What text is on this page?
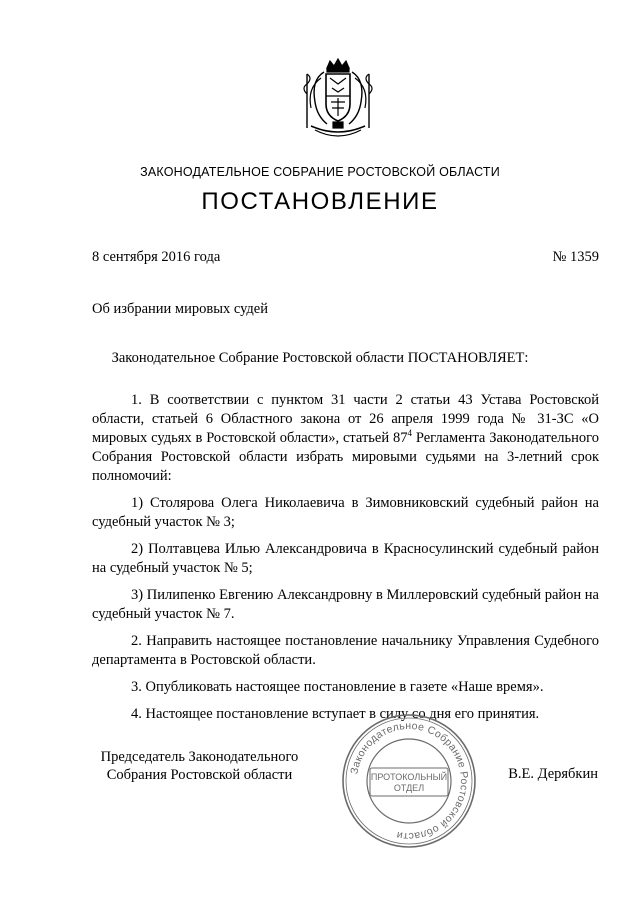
ЗАКОНОДАТЕЛЬНОЕ СОБРАНИЕ РОСТОВСКОЙ ОБЛАСТИ
ПОСТАНОВЛЕНИЕ
8 сентября 2016 года	№ 1359
Об избрании мировых судей
Законодательное Собрание Ростовской области ПОСТАНОВЛЯЕТ:

1. В соответствии с пунктом 31 части 2 статьи 43 Устава Ростовской области, статьей 6 Областного закона от 26 апреля 1999 года № 31-ЗС «О мировых судьях в Ростовской области», статьей $87^4$ Регламента Законодательного Собрания Ростовской области избрать мировыми судьями на 3-летний срок полномочий:

1) Столярова Олега Николаевича в Зимовниковский судебный район на судебный участок № 3;

2) Полтавцева Илью Александровича в Красносулинский судебный район на судебный участок № 5;

3) Пилипенко Евгению Александровну в Миллеровский судебный район на судебный участок № 7.

2. Направить настоящее постановление начальнику Управления Судебного департамента в Ростовской области.

3. Опубликовать настоящее постановление в газете «Наше время».

4. Настоящее постановление вступает в силу со дня его принятия.

Председатель Законодательного
Собрания Ростовской области	В.Е. Дерябкин
Законодательное Собрание Ростовской области
ПРОТОКОЛЬНЫЙ
ОТДЕЛ
